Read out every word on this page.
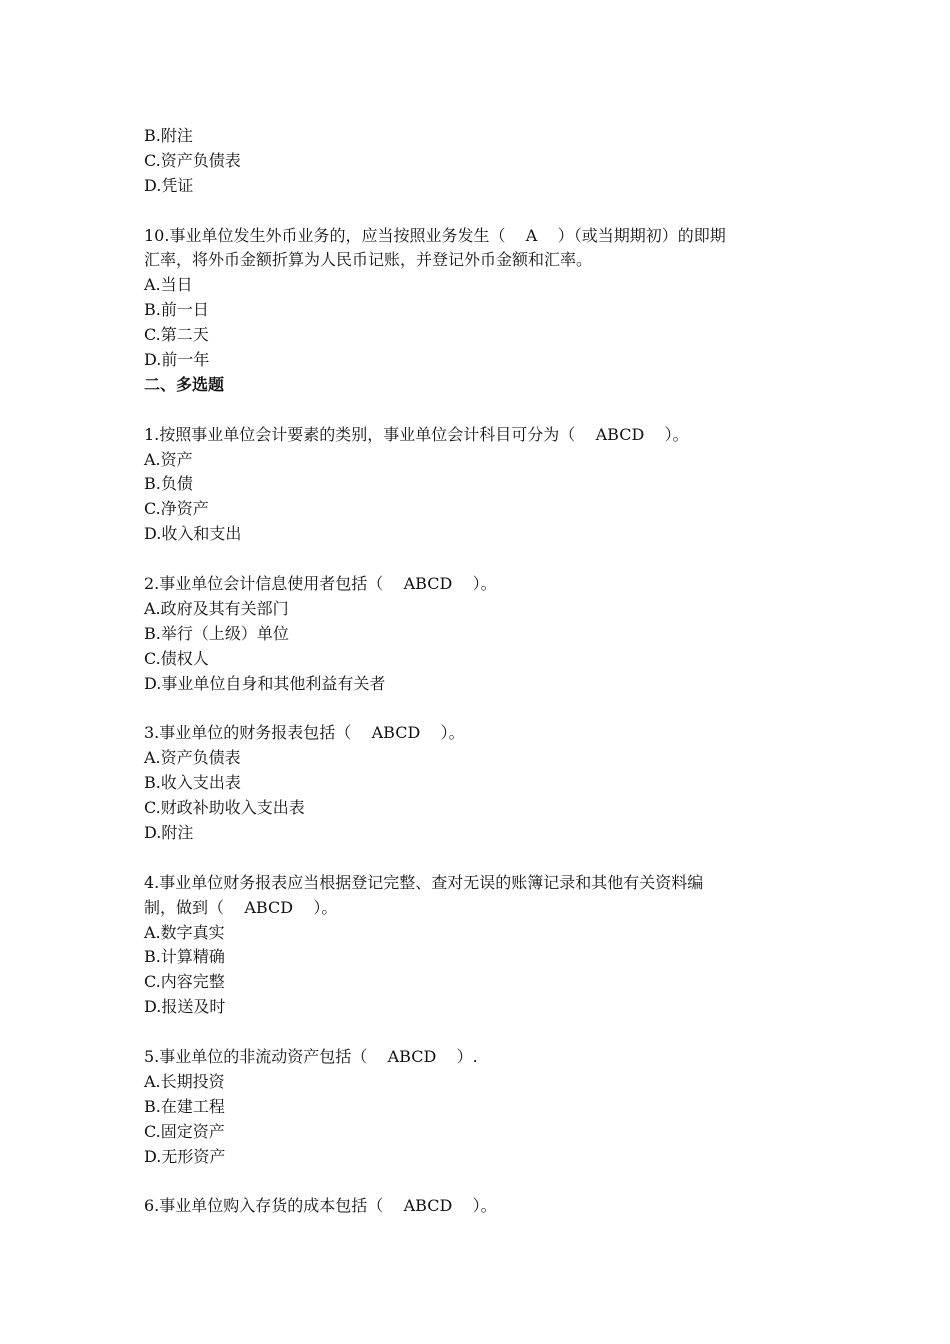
B.附注
C.资产负债表
D.凭证
10.事业单位发生外币业务的，应当按照业务发生（    A    ）（或当期期初）的即期
汇率，将外币金额折算为人民币记账，并登记外币金额和汇率。
A.当日
B.前一日
C.第二天
D.前一年
二、多选题
1.按照事业单位会计要素的类别，事业单位会计科目可分为（    ABCD    ）。
A.资产
B.负债
C.净资产
D.收入和支出
2.事业单位会计信息使用者包括（    ABCD    ）。
A.政府及其有关部门
B.举行（上级）单位
C.债权人
D.事业单位自身和其他利益有关者
3.事业单位的财务报表包括（    ABCD    ）。
A.资产负债表
B.收入支出表
C.财政补助收入支出表
D.附注
4.事业单位财务报表应当根据登记完整、查对无误的账簿记录和其他有关资料编
制，做到（    ABCD    ）。
A.数字真实
B.计算精确
C.内容完整
D.报送及时
5.事业单位的非流动资产包括（    ABCD    ）.
A.长期投资
B.在建工程
C.固定资产
D.无形资产
6.事业单位购入存货的成本包括（    ABCD    ）。
